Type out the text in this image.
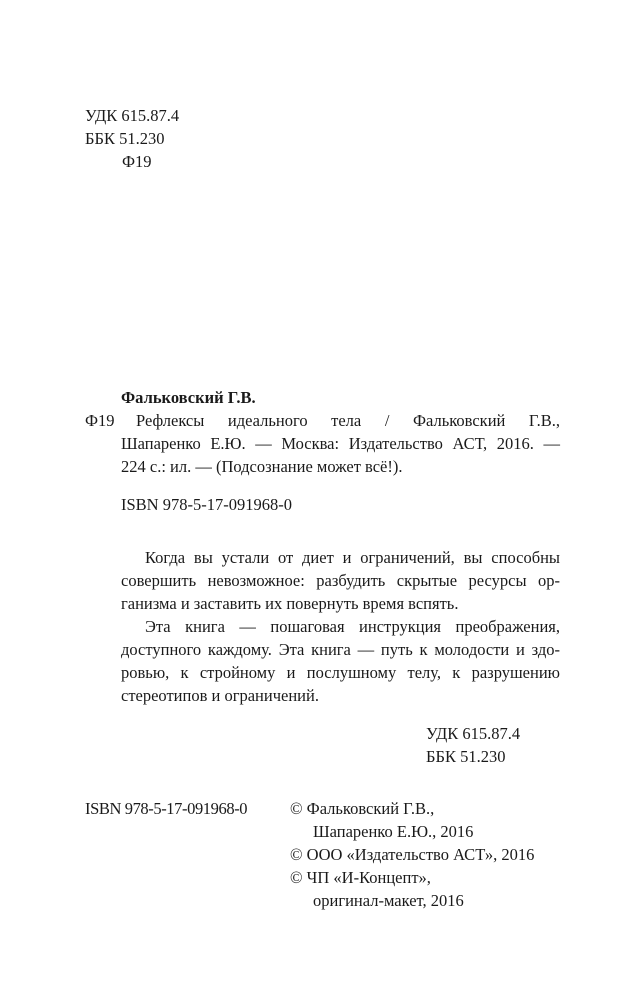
УДК 615.87.4
ББК 51.230
Ф19
Фальковский Г.В.
Ф19 Рефлексы идеального тела / Фальковский Г.В.,
Шапаренко Е.Ю. — Москва: Издательство АСТ, 2016. —
224 с.: ил. — (Подсознание может всё!).
ISBN 978-5-17-091968-0
Когда вы устали от диет и ограничений, вы способны
совершить невозможное: разбудить скрытые ресурсы ор-
ганизма и заставить их повернуть время вспять.
Эта книга — пошаговая инструкция преображения,
доступного каждому. Эта книга — путь к молодости и здо-
ровью, к стройному и послушному телу, к разрушению
стереотипов и ограничений.
УДК 615.87.4
ББК 51.230
ISBN 978-5-17-091968-0	© Фальковский Г.В.,
Шапаренко Е.Ю., 2016
© ООО «Издательство АСТ», 2016
© ЧП «И-Концепт»,
оригинал-макет, 2016
